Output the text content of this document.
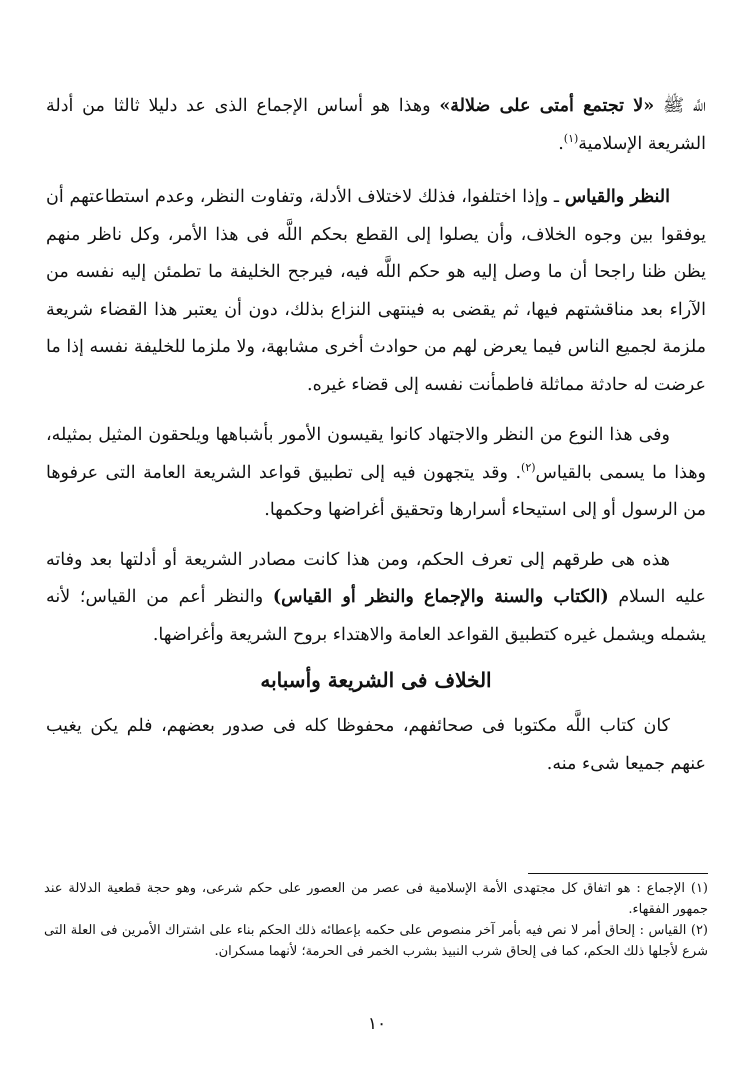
اللَّه ﷺ «لا تجتمع أمتى على ضلالة» وهذا هو أساس الإجماع الذى عد دليلا ثالثا من أدلة الشريعة الإسلامية$^{(١)}$.

النظر والقياس ـ وإذا اختلفوا، فذلك لاختلاف الأدلة، وتفاوت النظر، وعدم استطاعتهم أن يوفقوا بين وجوه الخلاف، وأن يصلوا إلى القطع بحكم اللَّه فى هذا الأمر، وكل ناظر منهم يظن ظنا راجحا أن ما وصل إليه هو حكم اللَّه فيه، فيرجح الخليفة ما تطمئن إليه نفسه من الآراء بعد مناقشتهم فيها، ثم يقضى به فينتهى النزاع بذلك، دون أن يعتبر هذا القضاء شريعة ملزمة لجميع الناس فيما يعرض لهم من حوادث أخرى مشابهة، ولا ملزما للخليفة نفسه إذا ما عرضت له حادثة مماثلة فاطمأنت نفسه إلى قضاء غيره.

وفى هذا النوع من النظر والاجتهاد كانوا يقيسون الأمور بأشباهها ويلحقون المثيل بمثيله، وهذا ما يسمى بالقياس$^{(٢)}$. وقد يتجهون فيه إلى تطبيق قواعد الشريعة العامة التى عرفوها من الرسول أو إلى استيحاء أسرارها وتحقيق أغراضها وحكمها.

هذه هى طرقهم إلى تعرف الحكم، ومن هذا كانت مصادر الشريعة أو أدلتها بعد وفاته عليه السلام (الكتاب والسنة والإجماع والنظر أو القياس) والنظر أعم من القياس؛ لأنه يشمله ويشمل غيره كتطبيق القواعد العامة والاهتداء بروح الشريعة وأغراضها.

الخلاف فى الشريعة وأسبابه

كان كتاب اللَّه مكتوبا فى صحائفهم، محفوظا كله فى صدور بعضهم، فلم يكن يغيب عنهم جميعا شىء منه.

(١) الإجماع : هو اتفاق كل مجتهدى الأمة الإسلامية فى عصر من العصور على حكم شرعى، وهو حجة قطعية الدلالة عند جمهور الفقهاء.

(٢) القياس : إلحاق أمر لا نص فيه بأمر آخر منصوص على حكمه بإعطائه ذلك الحكم بناء على اشتراك الأمرين فى العلة التى شرع لأجلها ذلك الحكم، كما فى إلحاق شرب النبيذ بشرب الخمر فى الحرمة؛ لأنهما مسكران.

١٠
